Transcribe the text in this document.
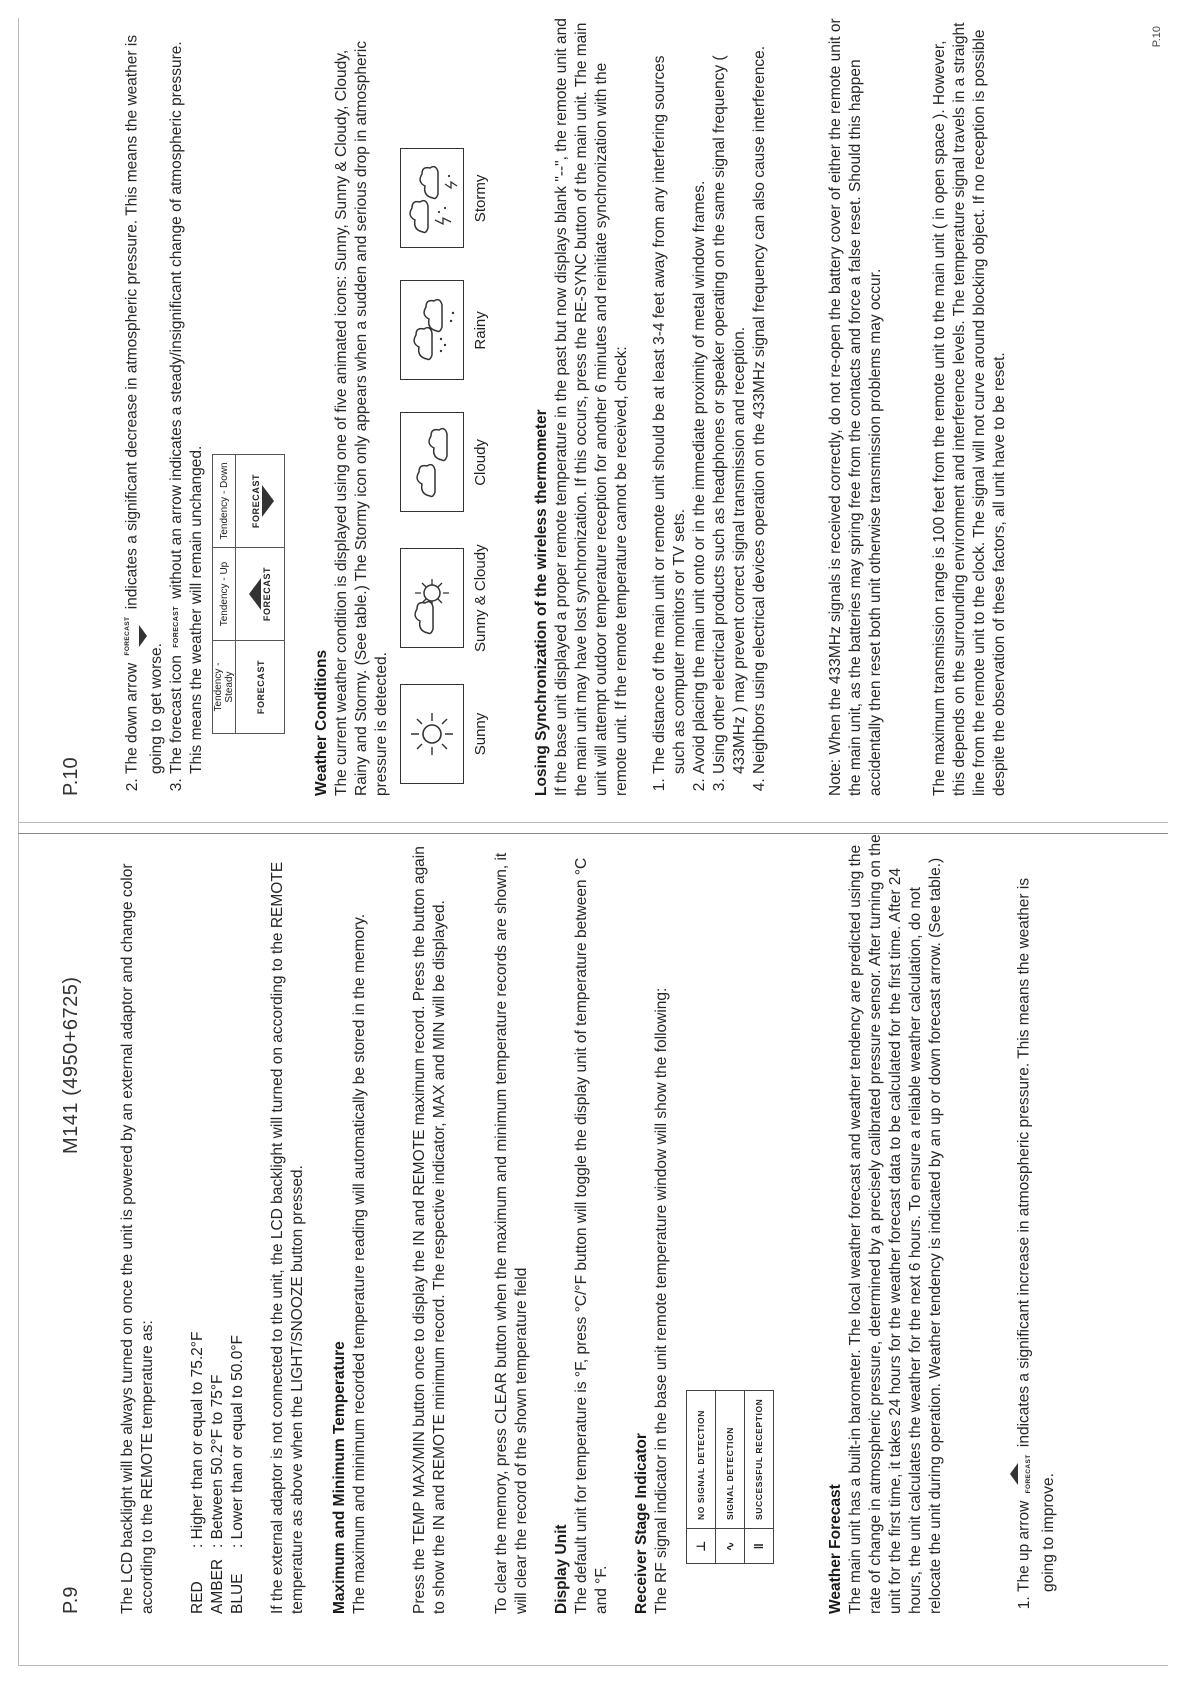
P.9
M141 (4950+6725) The LCD backlight will be always turned on once the unit is powered by an external adaptor and change color according to the REMOTE temperature as: RED
: Higher than or equal to 75.2°F
AMBER
: Between 50.2°F to 75°F
BLUE
: Lower than or equal to 50.0°F If the external adaptor is not connected to the unit, the LCD backlight will turned on according to the REMOTE temperature as above when the LIGHT/SNOOZE button pressed. Maximum and Minimum Temperature The maximum and minimum recorded temperature reading will automatically be stored in the memory.	Press the TEMP MAX/MIN button once to display the IN and REMOTE maximum record. Press the button again to show the IN and REMOTE minimum record. The respective indicator, MAX and MIN will be displayed.	To clear the memory, press CLEAR button when the maximum and minimum temperature records are shown, it will clear the record of the shown temperature field Display Unit The default unit for temperature is °F, press °C/°F button will toggle the display unit of temperature between °C and °F. Receiver Stage Indicator The RF signal indicator in the base unit remote temperature window will show the following: ⊥	NO SIGNAL DETECTION
∿	SIGNAL DETECTION
‖	SUCCESSFUL RECEPTION

Weather Forecast The main unit has a built-in barometer. The local weather forecast and weather tendency are predicted using the rate of change in atmospheric pressure, determined by a precisely calibrated pressure sensor. After turning on the unit for the first time, it takes 24 hours for the weather forecast data to be calculated for the first time. After 24 hours, the unit calculates the weather for the next 6 hours. To ensure a reliable weather calculation, do not relocate the unit during operation. Weather tendency is indicated by an up or down forecast arrow. (See table.)	1. The up arrow
FORECAST
indicates a significant increase in atmospheric pressure. This means the weather is going to improve.
P.10
2. The down arrow
FORECAST
indicates a significant decrease in atmospheric pressure. This means the weather is going to get worse. 3. The forecast icon
FORECAST
without an arrow indicates a steady/insignificant change of atmospheric pressure. This means the weather will remain unchanged. Tendency - Steady	Tendency - Up	Tendency - Down

FORECAST	FORECAST	FORECAST

Weather Conditions The current weather condition is displayed using one of five animated icons: Sunny, Sunny & Cloudy, Cloudy, Rainy and Stormy. (See table.) The Stormy icon only appears when a sudden and serious drop in atmospheric pressure is detected.	Sunny
Sunny & Cloudy
Cloudy
Rainy
Stormy

Losing Synchronization of the wireless thermometer If the base unit displayed a proper remote temperature in the past but now displays blank "--", the remote unit and the main unit may have lost synchronization. If this occurs, press the RE-SYNC button of the main unit. The main unit will attempt outdoor temperature reception for another 6 minutes and reinitiate synchronization with the remote unit. If the remote temperature cannot be received, check: 1. The distance of the main unit or remote unit should be at least 3-4 feet away from any interfering sources such as computer monitors or TV sets. 2. Avoid placing the main unit onto or in the immediate proximity of metal window frames. 3. Using other electrical products such as headphones or speaker operating on the same signal frequency ( 433MHz ) may prevent correct signal transmission and reception. 4. Neighbors using electrical devices operation on the 433MHz signal frequency can also cause interference.	Note: When the 433MHz signals is received correctly, do not re-open the battery cover of either the remote unit or the main unit, as the batteries may spring free from the contacts and force a false reset. Should this happen accidentally then reset both unit otherwise transmission problems may occur.	The maximum transmission range is 100 feet from the remote unit to the main unit ( in open space ). However, this depends on the surrounding environment and interference levels. The temperature signal travels in a straight line from the remote unit to the clock. The signal will not curve around blocking object. If no reception is possible despite the observation of these factors, all unit have to be reset.

P.10
